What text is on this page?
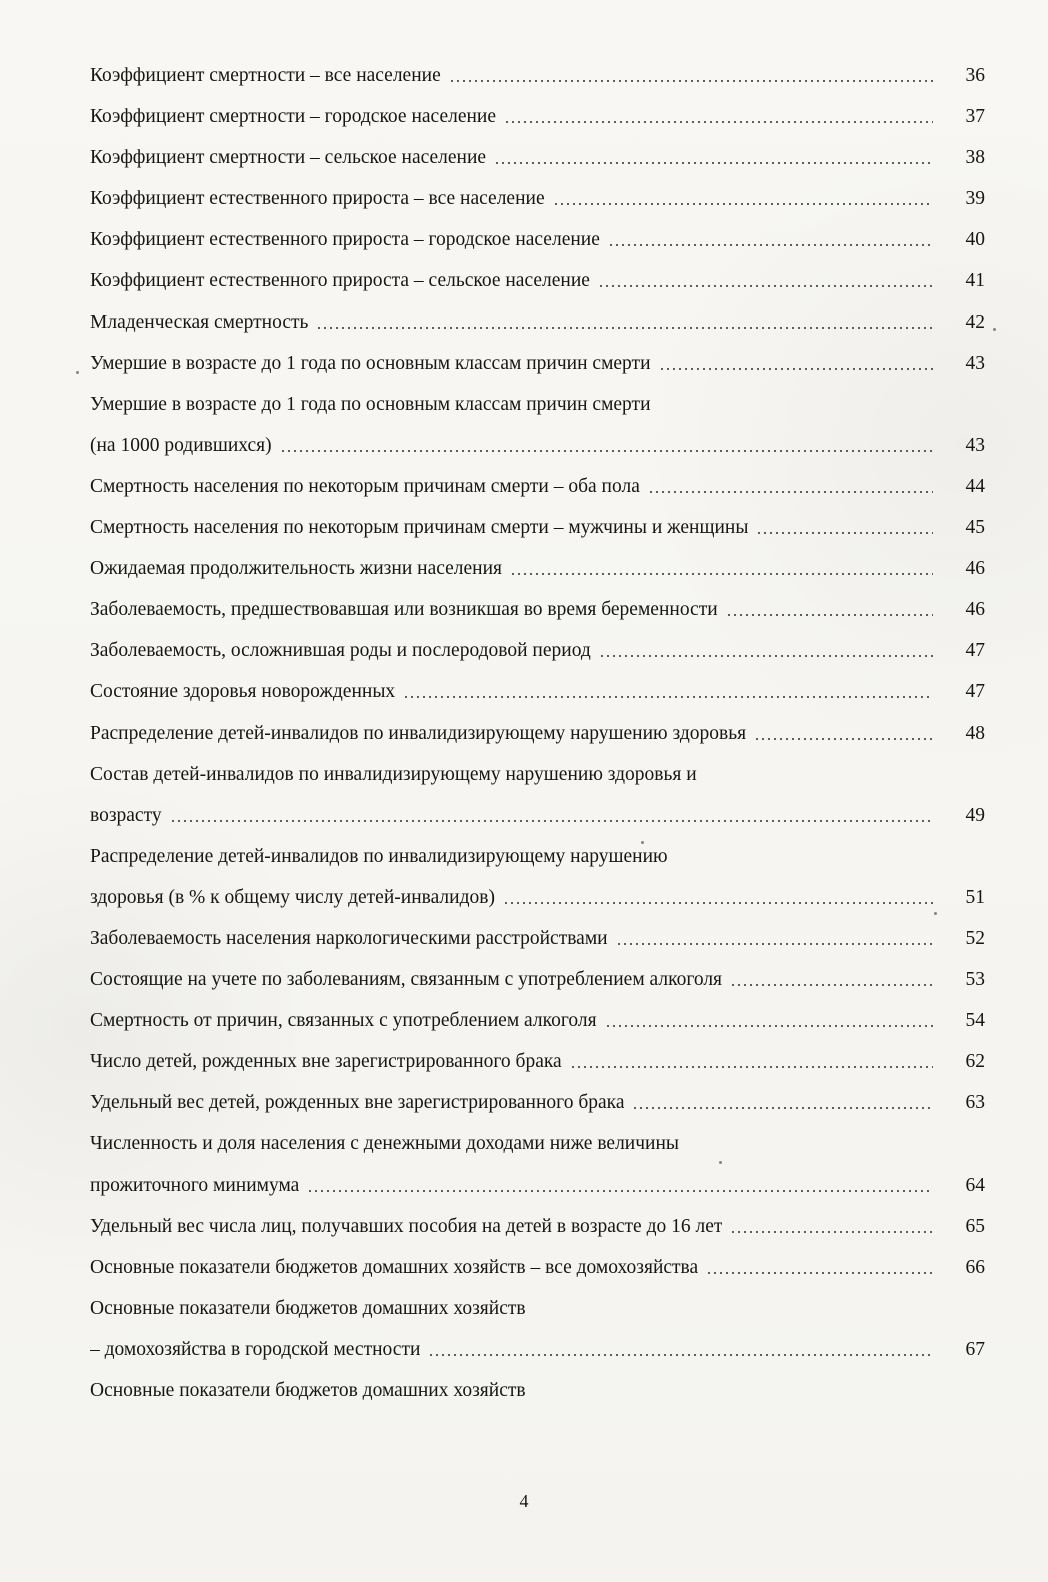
Коэффициент смертности – все население	36
Коэффициент смертности – городское население	37
Коэффициент смертности – сельское население	38
Коэффициент естественного прироста – все население	39
Коэффициент естественного прироста – городское население	40
Коэффициент естественного прироста – сельское население	41
Младенческая смертность	42
Умершие в возрасте до 1 года по основным классам причин смерти	43
Умершие в возрасте до 1 года по основным классам причин смерти
(на 1000 родившихся)	43
Смертность населения по некоторым причинам смерти – оба пола	44
Смертность населения по некоторым причинам смерти – мужчины и женщины	45
Ожидаемая продолжительность жизни населения	46
Заболеваемость, предшествовавшая или возникшая во время беременности	46
Заболеваемость, осложнившая роды и послеродовой период	47
Состояние здоровья новорожденных	47
Распределение детей-инвалидов по инвалидизирующему нарушению здоровья	48
Состав детей-инвалидов по инвалидизирующему нарушению здоровья и
возрасту	49
Распределение детей-инвалидов по инвалидизирующему нарушению
здоровья (в % к общему числу детей-инвалидов)	51
Заболеваемость населения наркологическими расстройствами	52
Состоящие на учете по заболеваниям, связанным с употреблением алкоголя	53
Смертность от причин, связанных с употреблением алкоголя	54
Число детей, рожденных вне зарегистрированного брака	62
Удельный вес детей, рожденных вне зарегистрированного брака	63
Численность и доля населения с денежными доходами ниже величины
прожиточного минимума	64
Удельный вес числа лиц, получавших пособия на детей в возрасте до 16 лет	65
Основные показатели бюджетов домашних хозяйств – все домохозяйства	66
Основные показатели бюджетов домашних хозяйств
– домохозяйства в городской местности	67
Основные показатели бюджетов домашних хозяйств
4
